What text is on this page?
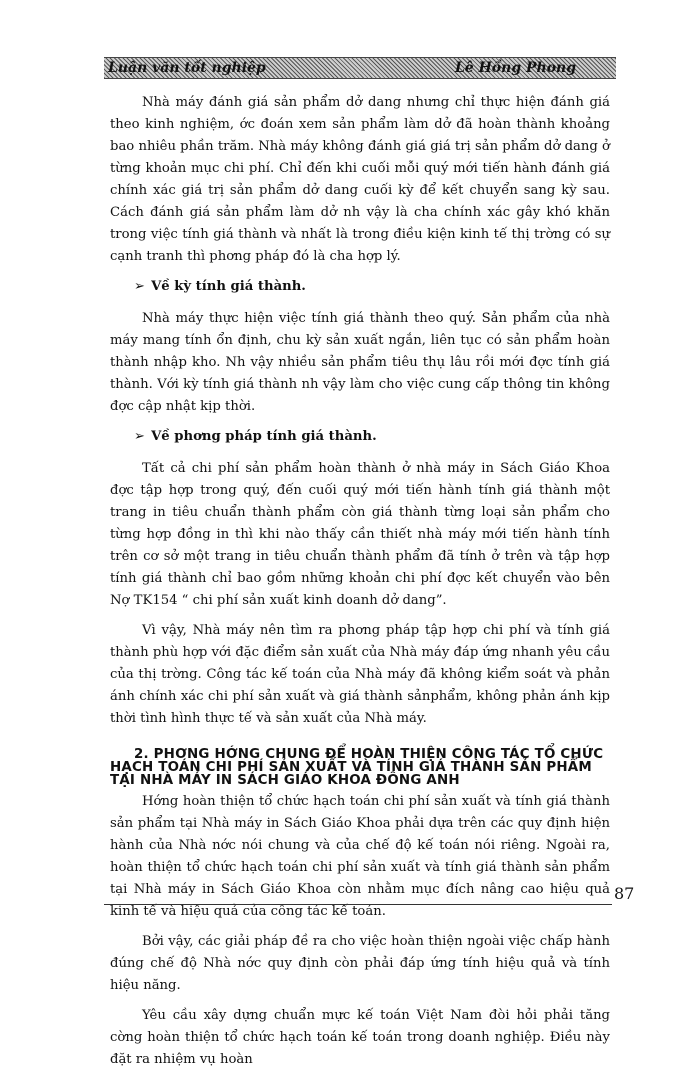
Luận văn tốt nghiệp	Lê Hồng Phong

Nhà máy đánh giá sản phẩm dở dang nhưng chỉ thực hiện đánh giá theo kinh nghiệm, ớc đoán xem sản phẩm làm dở đã hoàn thành khoảng bao nhiêu phần trăm. Nhà máy không đánh giá giá trị sản phẩm dở dang ở từng khoản mục chi phí. Chỉ đến khi cuối mỗi quý mới tiến hành đánh giá chính xác giá trị sản phẩm dở dang cuối kỳ để kết chuyển sang kỳ sau. Cách đánh giá sản phẩm làm dở nh vậy là cha chính xác gây khó khăn trong việc tính giá thành và nhất là trong điều kiện kinh tế thị trờng có sự cạnh tranh thì phơng pháp đó là cha hợp lý.

➢ Về kỳ tính giá thành.

Nhà máy thực hiện việc tính giá thành theo quý. Sản phẩm của nhà máy mang tính ổn định, chu kỳ sản xuất ngắn, liên tục có sản phẩm hoàn thành nhập kho. Nh vậy nhiều sản phẩm tiêu thụ lâu rồi mới đợc tính giá thành. Với kỳ tính giá thành nh vậy làm cho việc cung cấp thông tin không đợc cập nhật kịp thời.

➢ Về phơng pháp tính giá thành.

Tất cả chi phí sản phẩm hoàn thành ở nhà máy in Sách Giáo Khoa đợc tập hợp trong quý, đến cuối quý mới tiến hành tính giá thành một trang in tiêu chuẩn thành phẩm còn giá thành từng loại sản phẩm cho từng hợp đồng in thì khi nào thấy cần thiết nhà máy mới tiến hành tính trên cơ sở một trang in tiêu chuẩn thành phẩm đã tính ở trên và tập hợp tính giá thành chỉ bao gồm những khoản chi phí đợc kết chuyển vào bên Nợ TK154 “ chi phí sản xuất kinh doanh dở dang”.

Vì vậy, Nhà máy nên tìm ra phơng pháp tập hợp chi phí và tính giá thành phù hợp với đặc điểm sản xuất của Nhà máy đáp ứng nhanh yêu cầu của thị trờng. Công tác kế toán của Nhà máy đã không kiểm soát và phản ánh chính xác chi phí sản xuất và giá thành sảnphẩm, không phản ánh kịp thời tình hình thực tế và sản xuất của Nhà máy.

2. PHƠNG HỚNG CHUNG ĐỂ HOÀN THIỆN CÔNG TÁC TỔ CHỨC HẠCH TOÁN CHI PHÍ SẢN XUẤT VÀ TÍNH GIÁ THÀNH SẢN PHẨM TẠI NHÀ MÁY IN SÁCH GIÁO KHOA ĐÔNG ANH

Hớng hoàn thiện tổ chức hạch toán chi phí sản xuất và tính giá thành sản phẩm tại Nhà máy in Sách Giáo Khoa phải dựa trên các quy định hiện hành của Nhà nớc nói chung và của chế độ kế toán nói riêng. Ngoài ra, hoàn thiện tổ chức hạch toán chi phí sản xuất và tính giá thành sản phẩm tại Nhà máy in Sách Giáo Khoa còn nhằm mục đích nâng cao hiệu quả kinh tế và hiệu quả của công tác kế toán.

Bởi vậy, các giải pháp đề ra cho việc hoàn thiện ngoài việc chấp hành đúng chế độ Nhà nớc quy định còn phải đáp ứng tính hiệu quả và tính hiệu năng.

Yêu cầu xây dựng chuẩn mực kế toán Việt Nam đòi hỏi phải tăng cờng hoàn thiện tổ chức hạch toán kế toán trong doanh nghiệp. Điều này đặt ra nhiệm vụ hoàn

87
